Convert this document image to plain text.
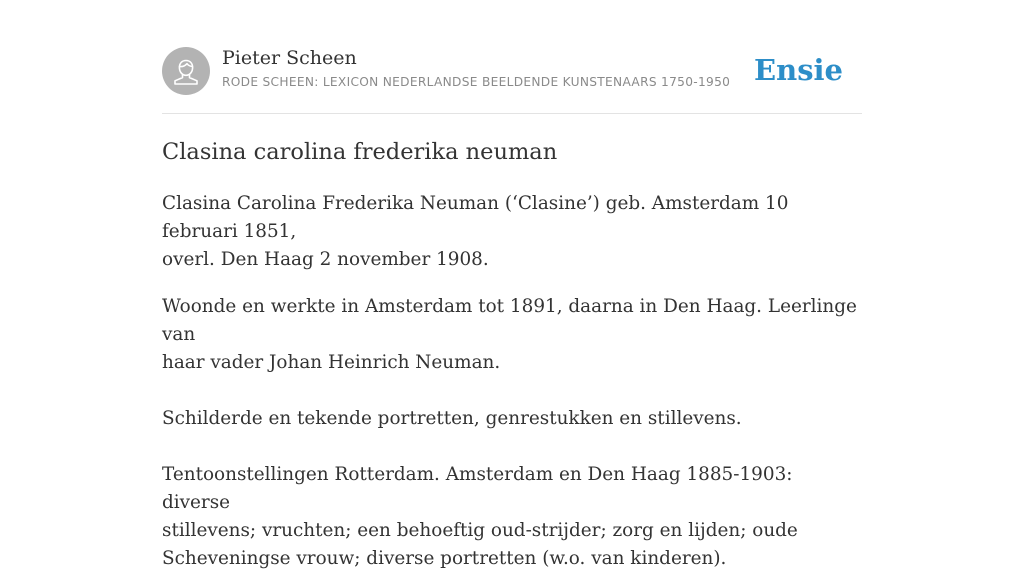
Pieter Scheen
RODE SCHEEN: LEXICON NEDERLANDSE BEELDENDE KUNSTENAARS 1750-1950 Ensie
Clasina carolina frederika neuman

Clasina Carolina Frederika Neuman (‘Clasine’) geb. Amsterdam 10 februari 1851,
overl. Den Haag 2 november 1908.

Woonde en werkte in Amsterdam tot 1891, daarna in Den Haag. Leerlinge van
haar vader Johan Heinrich Neuman.

Schilderde en tekende portretten, genrestukken en stillevens.

Tentoonstellingen Rotterdam. Amsterdam en Den Haag 1885-1903: diverse
stillevens; vruchten; een behoeftig oud-strijder; zorg en lijden; oude
Scheveningse vrouw; diverse portretten (w.o. van kinderen).
